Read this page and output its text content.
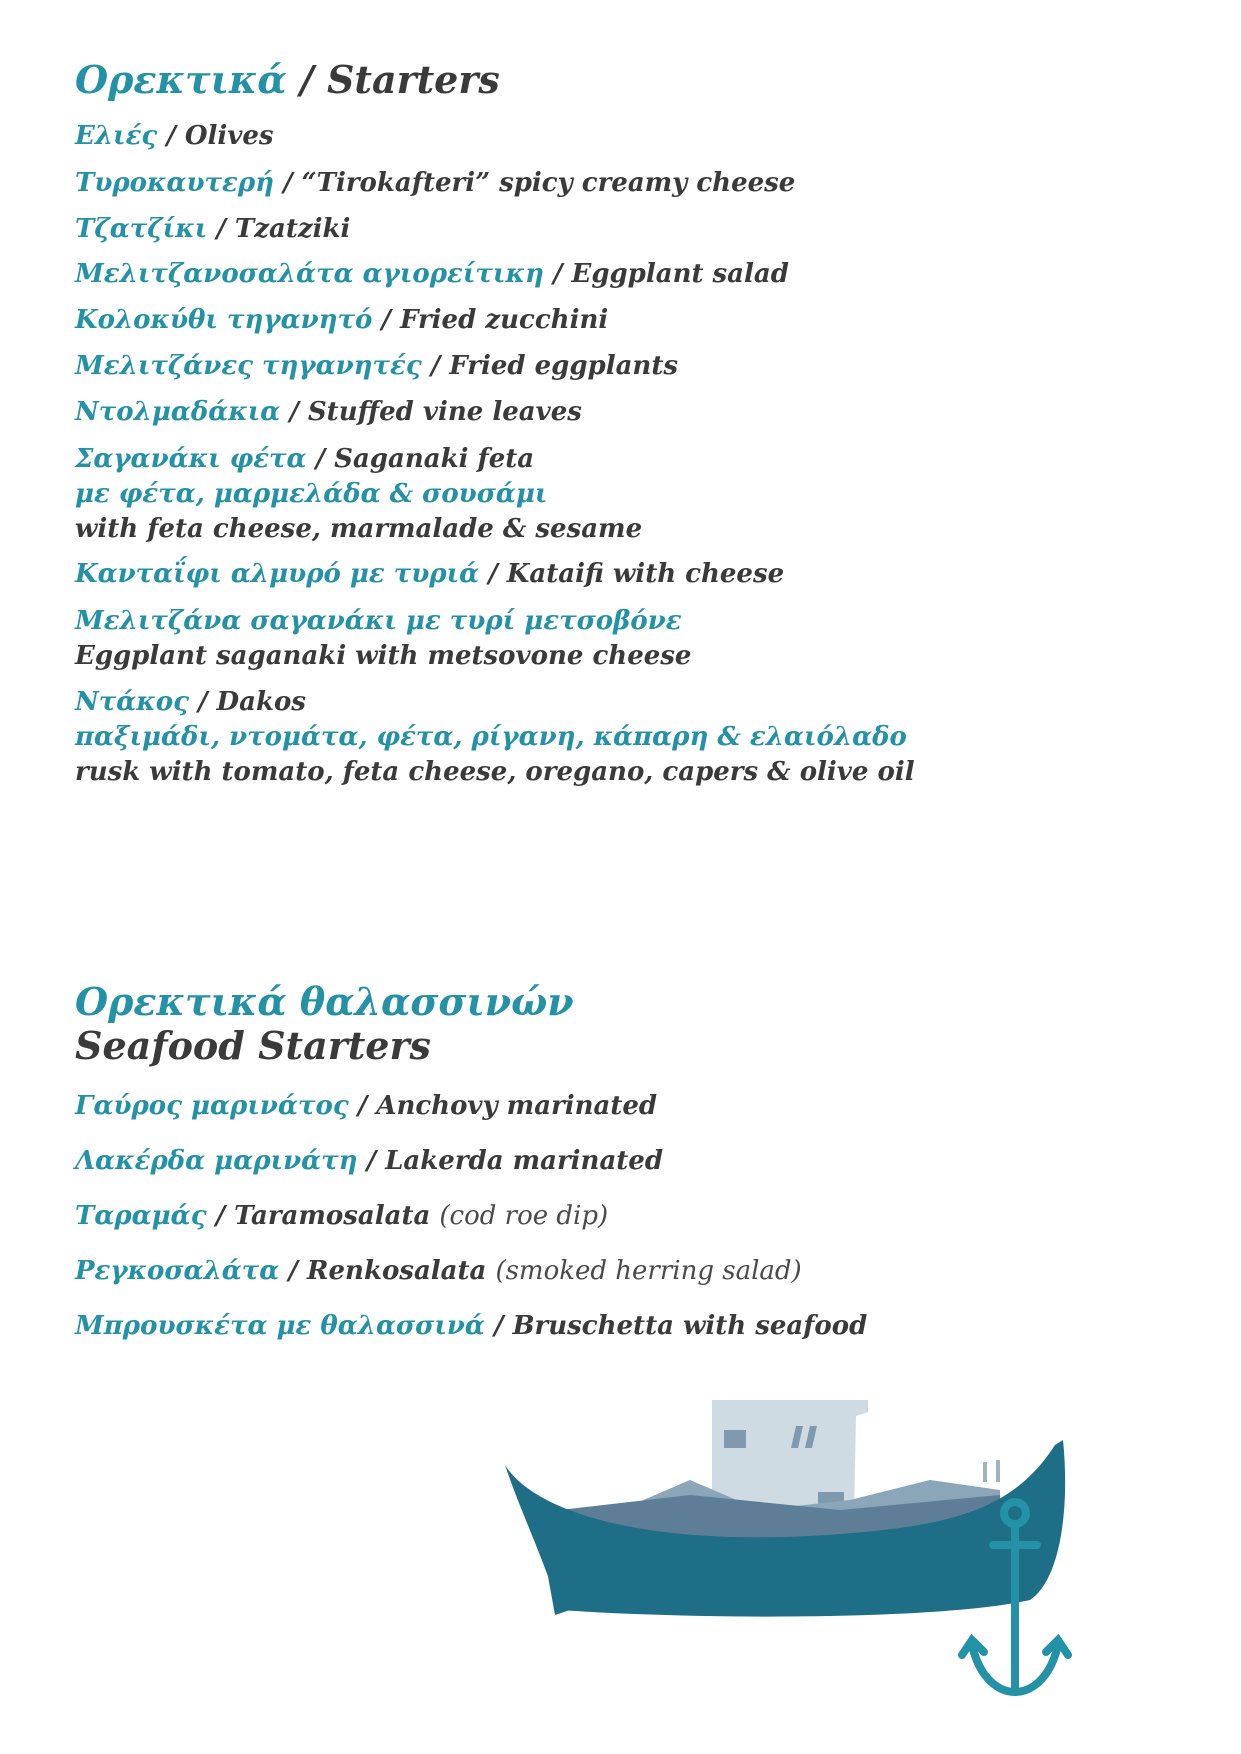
Ορεκτικά / Starters
Ελιές / Olives
Τυροκαυτερή / “Tirokafteri” spicy creamy cheese
Τζατζίκι / Tzatziki
Μελιτζανοσαλάτα αγιορείτικη / Eggplant salad
Κολοκύθι τηγανητό / Fried zucchini
Μελιτζάνες τηγανητές / Fried eggplants
Ντολμαδάκια / Stuffed vine leaves
Σαγανάκι φέτα / Saganaki feta
με φέτα, μαρμελάδα & σουσάμι
with feta cheese, marmalade & sesame
Κανταΐφι αλμυρό με τυριά / Kataifi with cheese
Μελιτζάνα σαγανάκι με τυρί μετσοβόνε
Eggplant saganaki with metsovone cheese
Ντάκος / Dakos
παξιμάδι, ντομάτα, φέτα, ρίγανη, κάπαρη & ελαιόλαδο
rusk with tomato, feta cheese, oregano, capers & olive oil
Ορεκτικά θαλασσινών
Seafood Starters
Γαύρος μαρινάτος / Anchovy marinated
Λακέρδα μαρινάτη / Lakerda marinated
Ταραμάς / Taramosalata (cod roe dip)
Ρεγκοσαλάτα / Renkosalata (smoked herring salad)
Μπρουσκέτα με θαλασσινά / Bruschetta with seafood
